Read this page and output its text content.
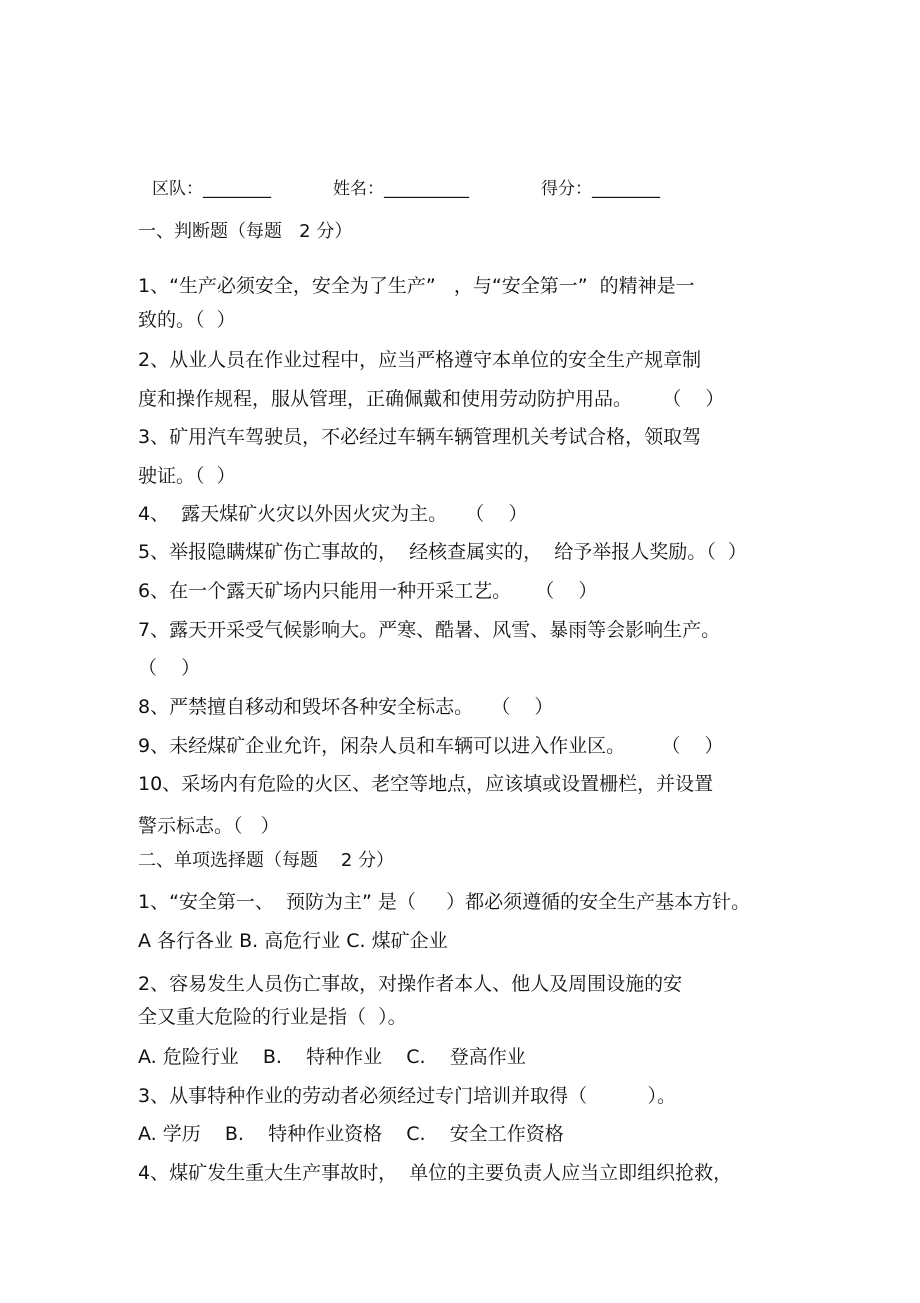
区队：________	姓名：__________	得分：________
一、判断题（每题   2 分）
1、“生产必须安全，安全为了生产”   ，与“安全第一”  的精神是一
致的。（  ）
2、从业人员在作业过程中，应当严格遵守本单位的安全生产规章制
度和操作规程，服从管理，正确佩戴和使用劳动防护用品。     （    ）
3、矿用汽车驾驶员，不必经过车辆车辆管理机关考试合格，领取驾
驶证。（  ）
4、  露天煤矿火灾以外因火灾为主。   （    ）
5、举报隐瞒煤矿伤亡事故的，  经核查属实的，  给予举报人奖励。（  ）
6、在一个露天矿场内只能用一种开采工艺。    （    ）
7、露天开采受气候影响大。严寒、酷暑、风雪、暴雨等会影响生产。
（    ）
8、严禁擅自移动和毁坏各种安全标志。   （    ）
9、未经煤矿企业允许，闲杂人员和车辆可以进入作业区。      （    ）
10、采场内有危险的火区、老空等地点，应该填或设置栅栏，并设置
警示标志。（   ）
二、单项选择题（每题    2 分）
1、“安全第一、  预防为主” 是（     ）都必须遵循的安全生产基本方针。
A 各行各业 B. 高危行业 C. 煤矿企业
2、容易发生人员伤亡事故，对操作者本人、他人及周围设施的安
全又重大危险的行业是指（  ）。
A. 危险行业    B.    特种作业    C.    登高作业
3、从事特种作业的劳动者必须经过专门培训并取得（          ）。
A. 学历    B.    特种作业资格    C.    安全工作资格
4、煤矿发生重大生产事故时，  单位的主要负责人应当立即组织抢救，
